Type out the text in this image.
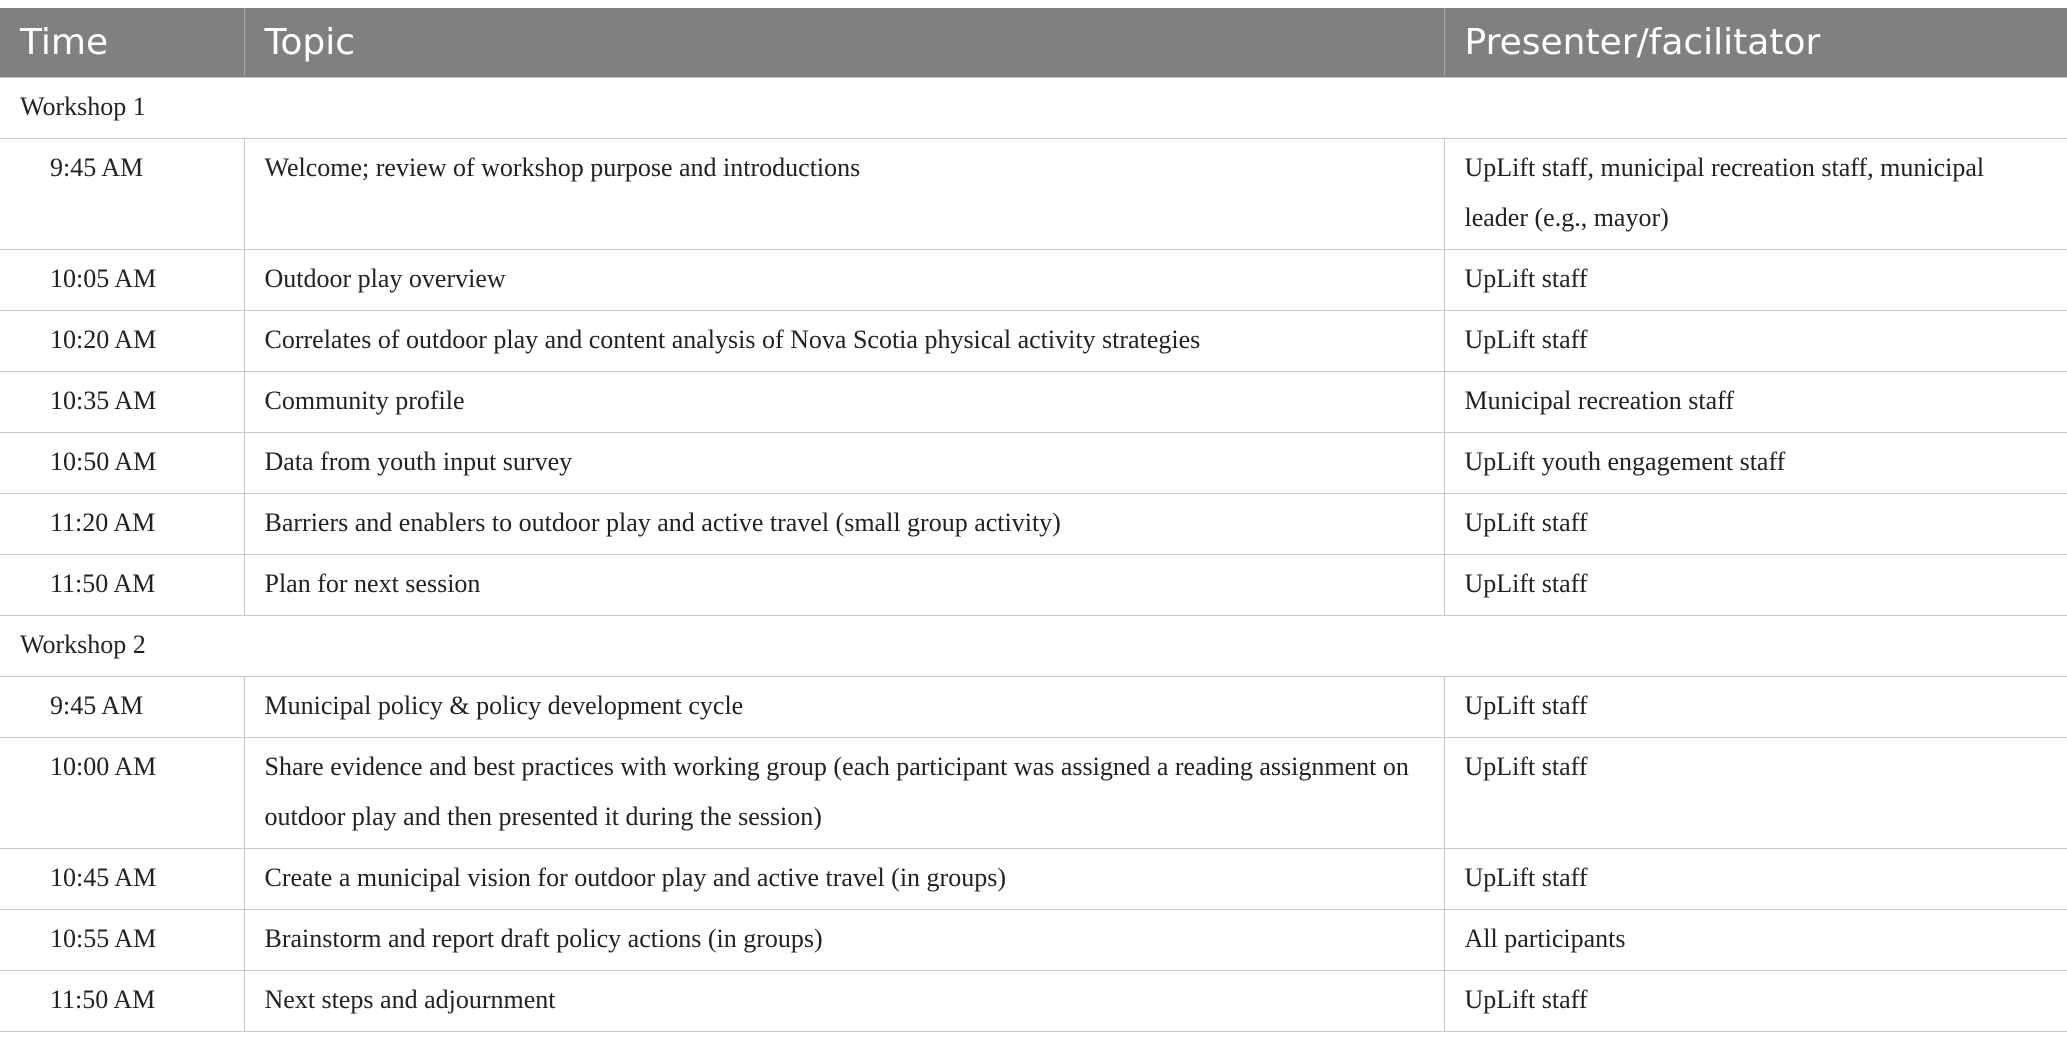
Time	Topic	Presenter/facilitator
Workshop 1		
9:45 AM	Welcome; review of workshop purpose and introductions	UpLift staff, municipal recreation staff, municipal leader (e.g., mayor)
10:05 AM	Outdoor play overview	UpLift staff
10:20 AM	Correlates of outdoor play and content analysis of Nova Scotia physical activity strategies	UpLift staff
10:35 AM	Community profile	Municipal recreation staff
10:50 AM	Data from youth input survey	UpLift youth engagement staff
11:20 AM	Barriers and enablers to outdoor play and active travel (small group activity)	UpLift staff
11:50 AM	Plan for next session	UpLift staff
Workshop 2		
9:45 AM	Municipal policy & policy development cycle	UpLift staff
10:00 AM	Share evidence and best practices with working group (each participant was assigned a reading assignment on outdoor play and then presented it during the session)	UpLift staff
10:45 AM	Create a municipal vision for outdoor play and active travel (in groups)	UpLift staff
10:55 AM	Brainstorm and report draft policy actions (in groups)	All participants
11:50 AM	Next steps and adjournment	UpLift staff
